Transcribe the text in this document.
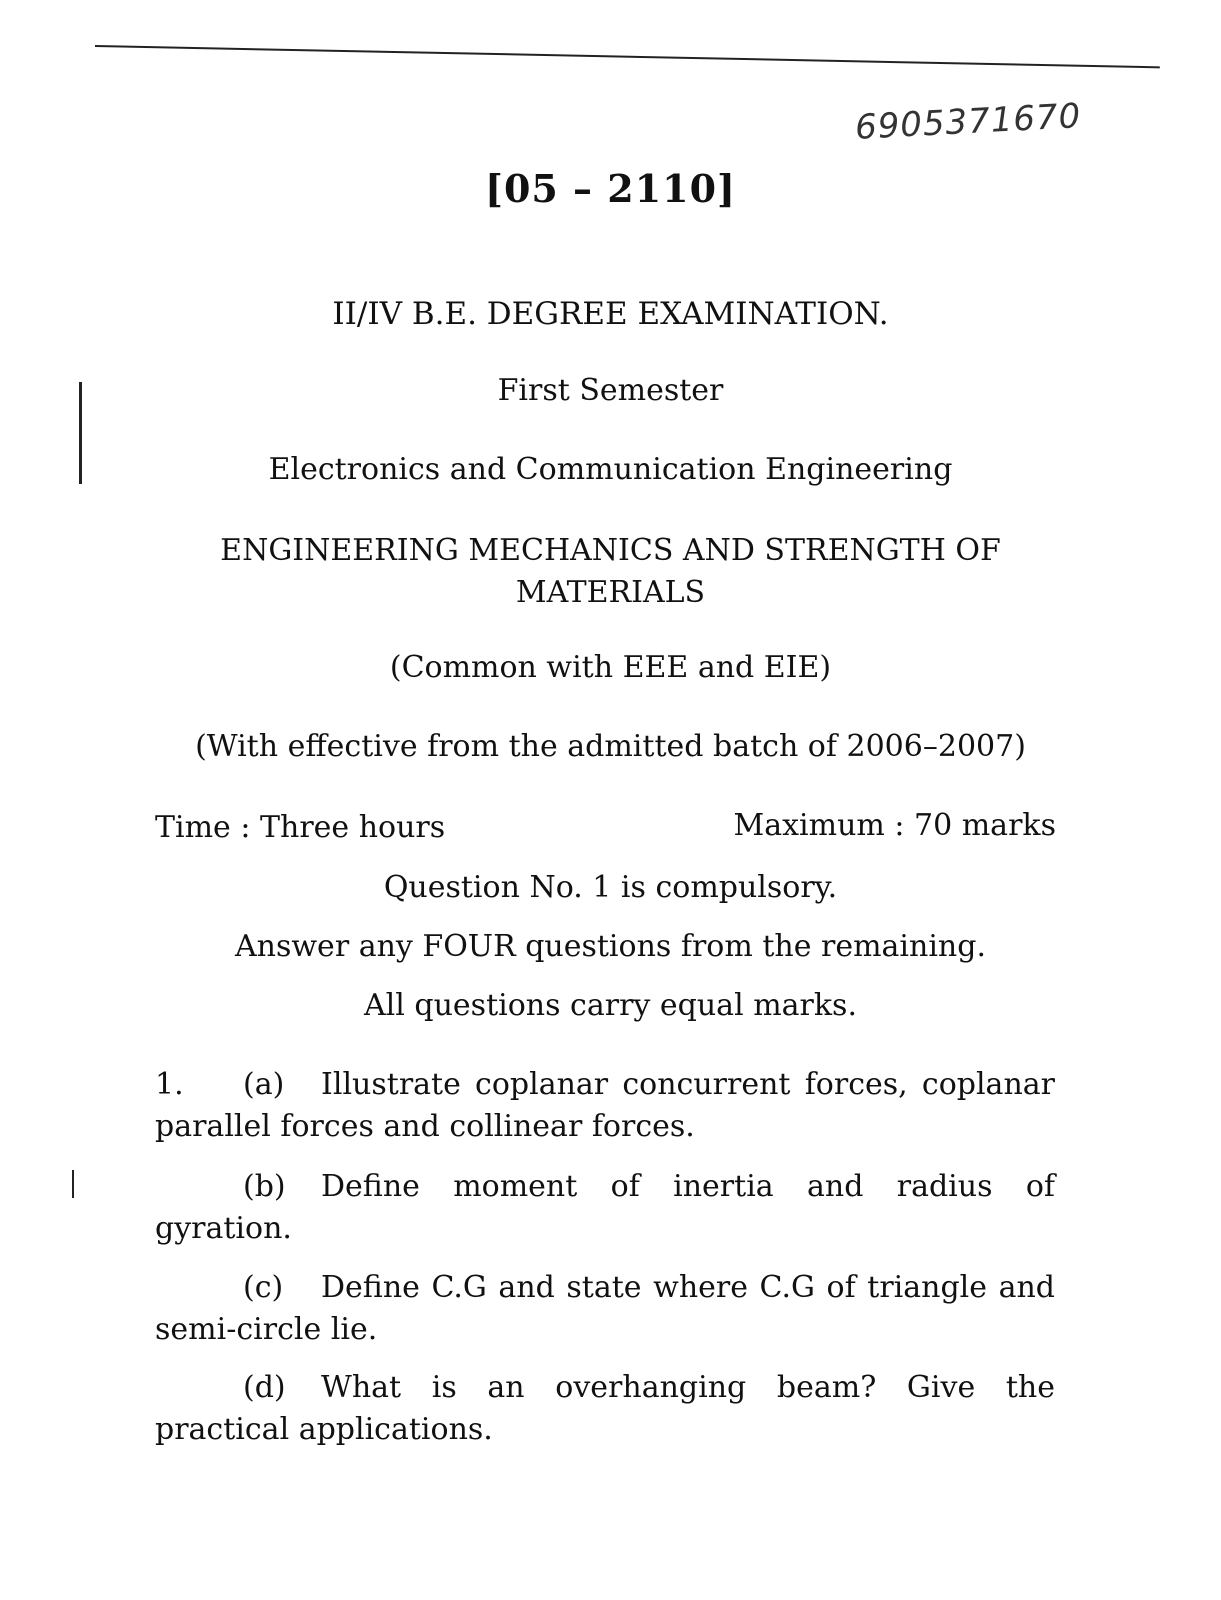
6905371670
[05 – 2110]
II/IV B.E. DEGREE EXAMINATION.
First Semester
Electronics and Communication Engineering
ENGINEERING MECHANICS AND STRENGTH OF
MATERIALS
(Common with EEE and EIE)
(With effective from the admitted batch of 2006–2007)
Time : Three hours	Maximum : 70 marks
Question No. 1 is compulsory.
Answer any FOUR questions from the remaining.
All questions carry equal marks.
1. (a) Illustrate coplanar concurrent forces, coplanar parallel forces and collinear forces.
(b) Define moment of inertia and radius of gyration.
(c) Define C.G and state where C.G of triangle and semi-circle lie.
(d) What is an overhanging beam? Give the practical applications.
